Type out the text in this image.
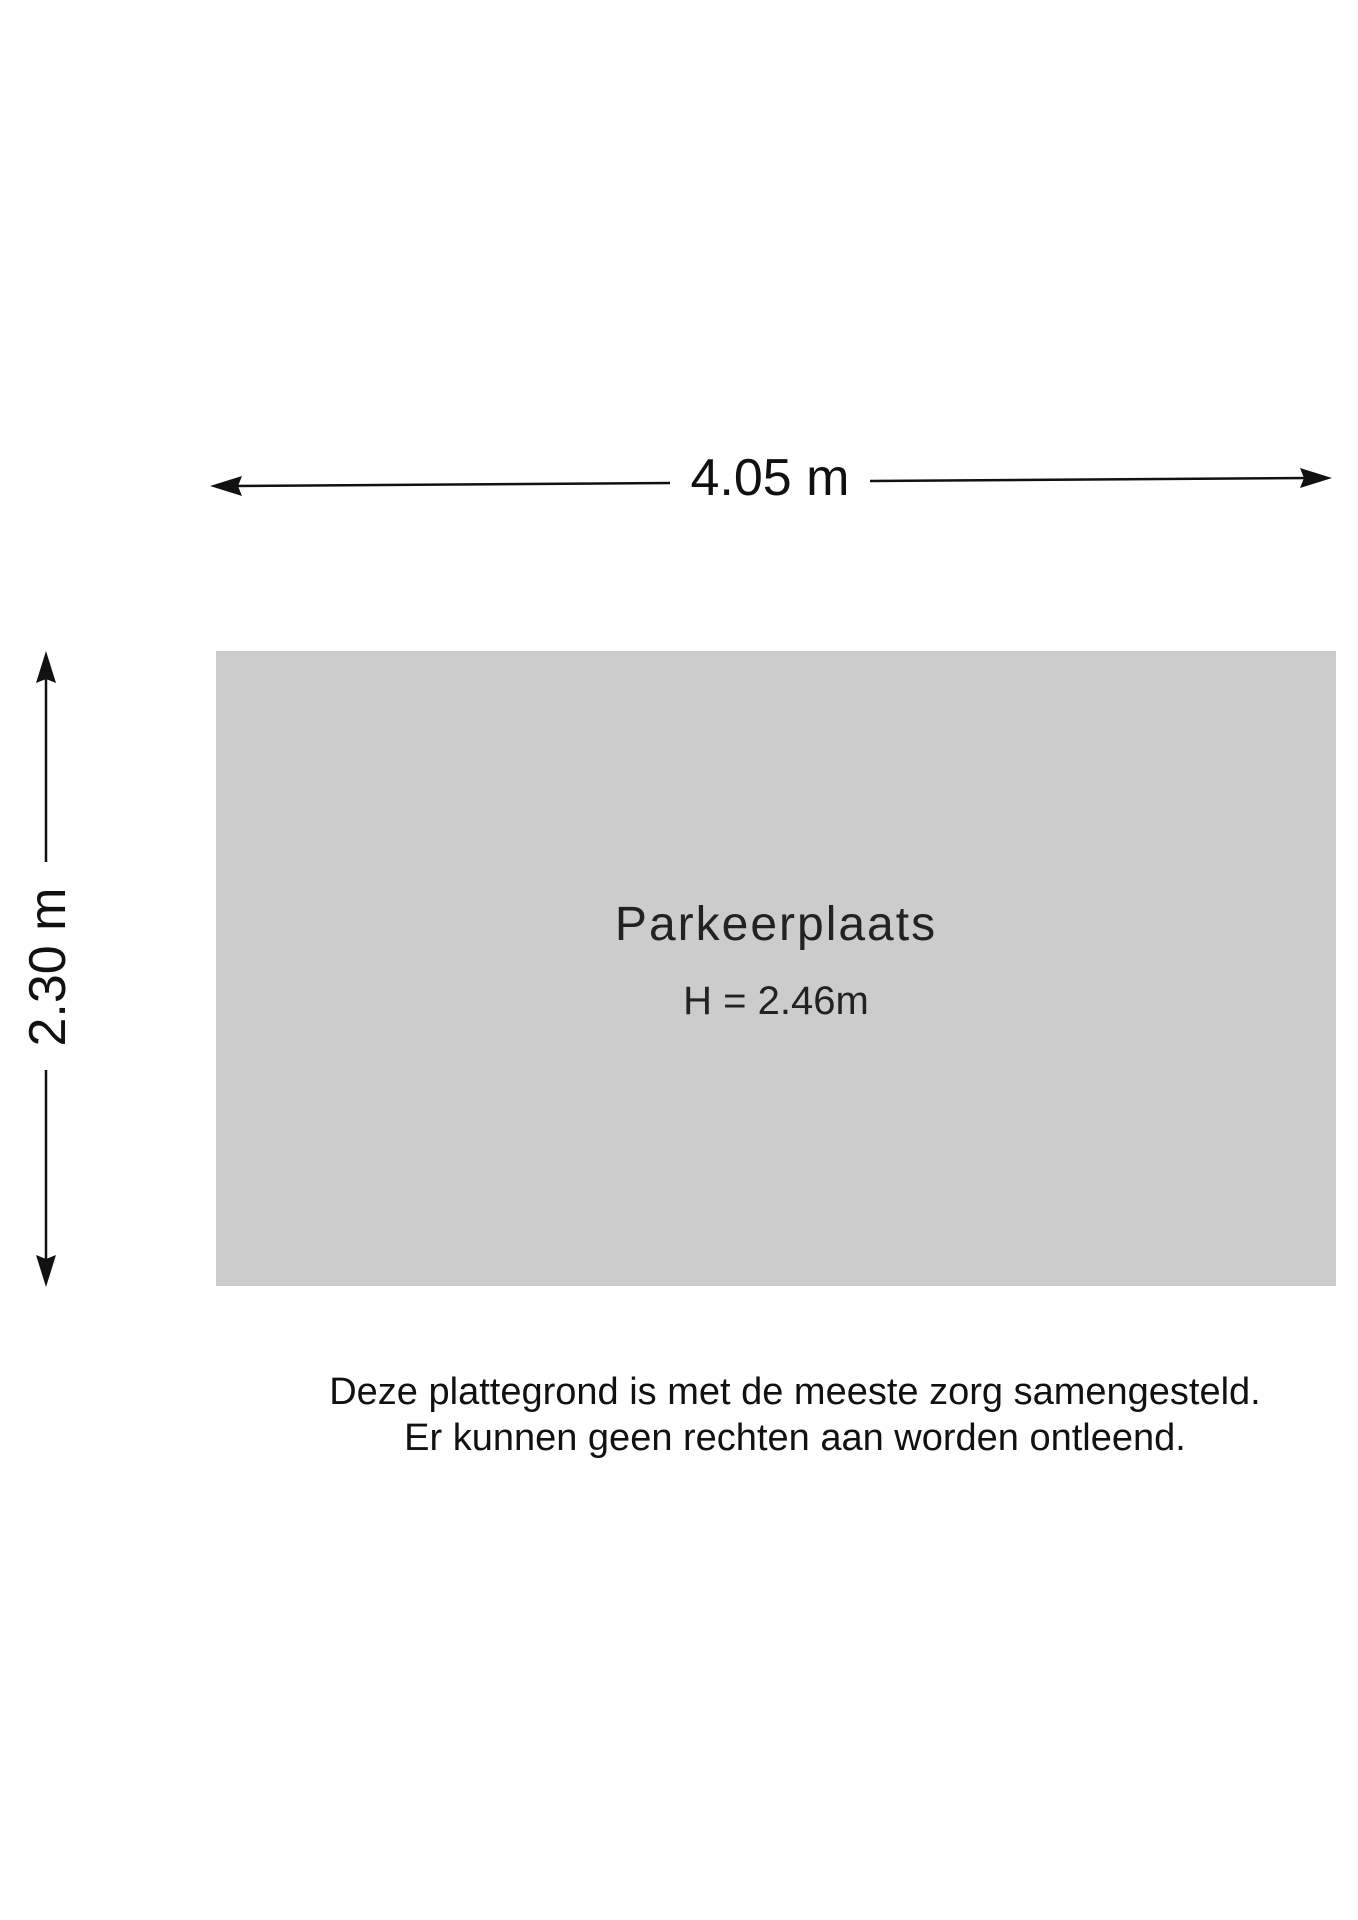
4.05 m
2.30 m	Parkeerplaats
H = 2.46m
Deze plattegrond is met de meeste zorg samengesteld.
Er kunnen geen rechten aan worden ontleend.
